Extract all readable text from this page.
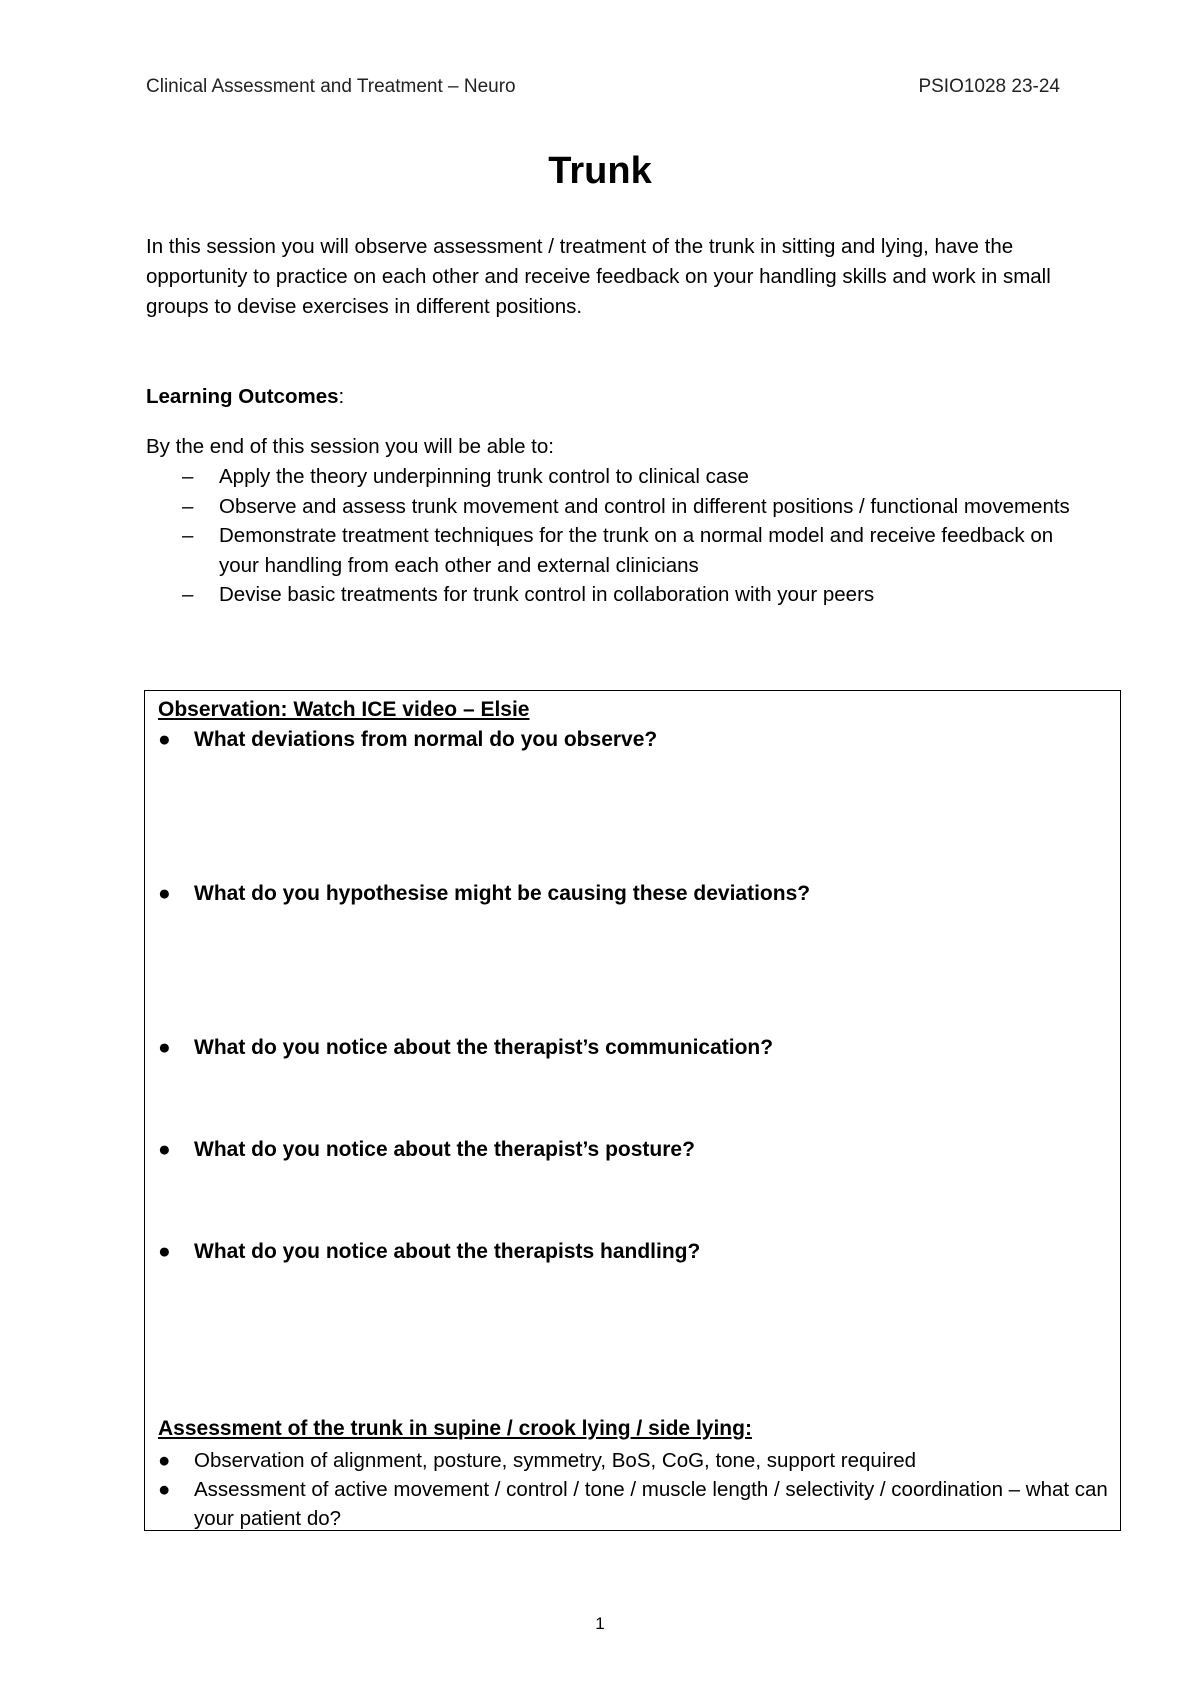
Clinical Assessment and Treatment – Neuro	PSIO1028 23-24
Trunk
In this session you will observe assessment / treatment of the trunk in sitting and lying, have the opportunity to practice on each other and receive feedback on your handling skills and work in small groups to devise exercises in different positions.
Learning Outcomes:
By the end of this session you will be able to:
– Apply the theory underpinning trunk control to clinical case
– Observe and assess trunk movement and control in different positions / functional movements
– Demonstrate treatment techniques for the trunk on a normal model and receive feedback on your handling from each other and external clinicians
– Devise basic treatments for trunk control in collaboration with your peers
Observation: Watch ICE video – Elsie
● What deviations from normal do you observe?
● What do you hypothesise might be causing these deviations?
● What do you notice about the therapist’s communication?
● What do you notice about the therapist’s posture?
● What do you notice about the therapists handling?
Assessment of the trunk in supine / crook lying / side lying:
●	Observation of alignment, posture, symmetry, BoS, CoG, tone, support required
●	Assessment of active movement / control / tone / muscle length / selectivity / coordination – what can your patient do?
1
